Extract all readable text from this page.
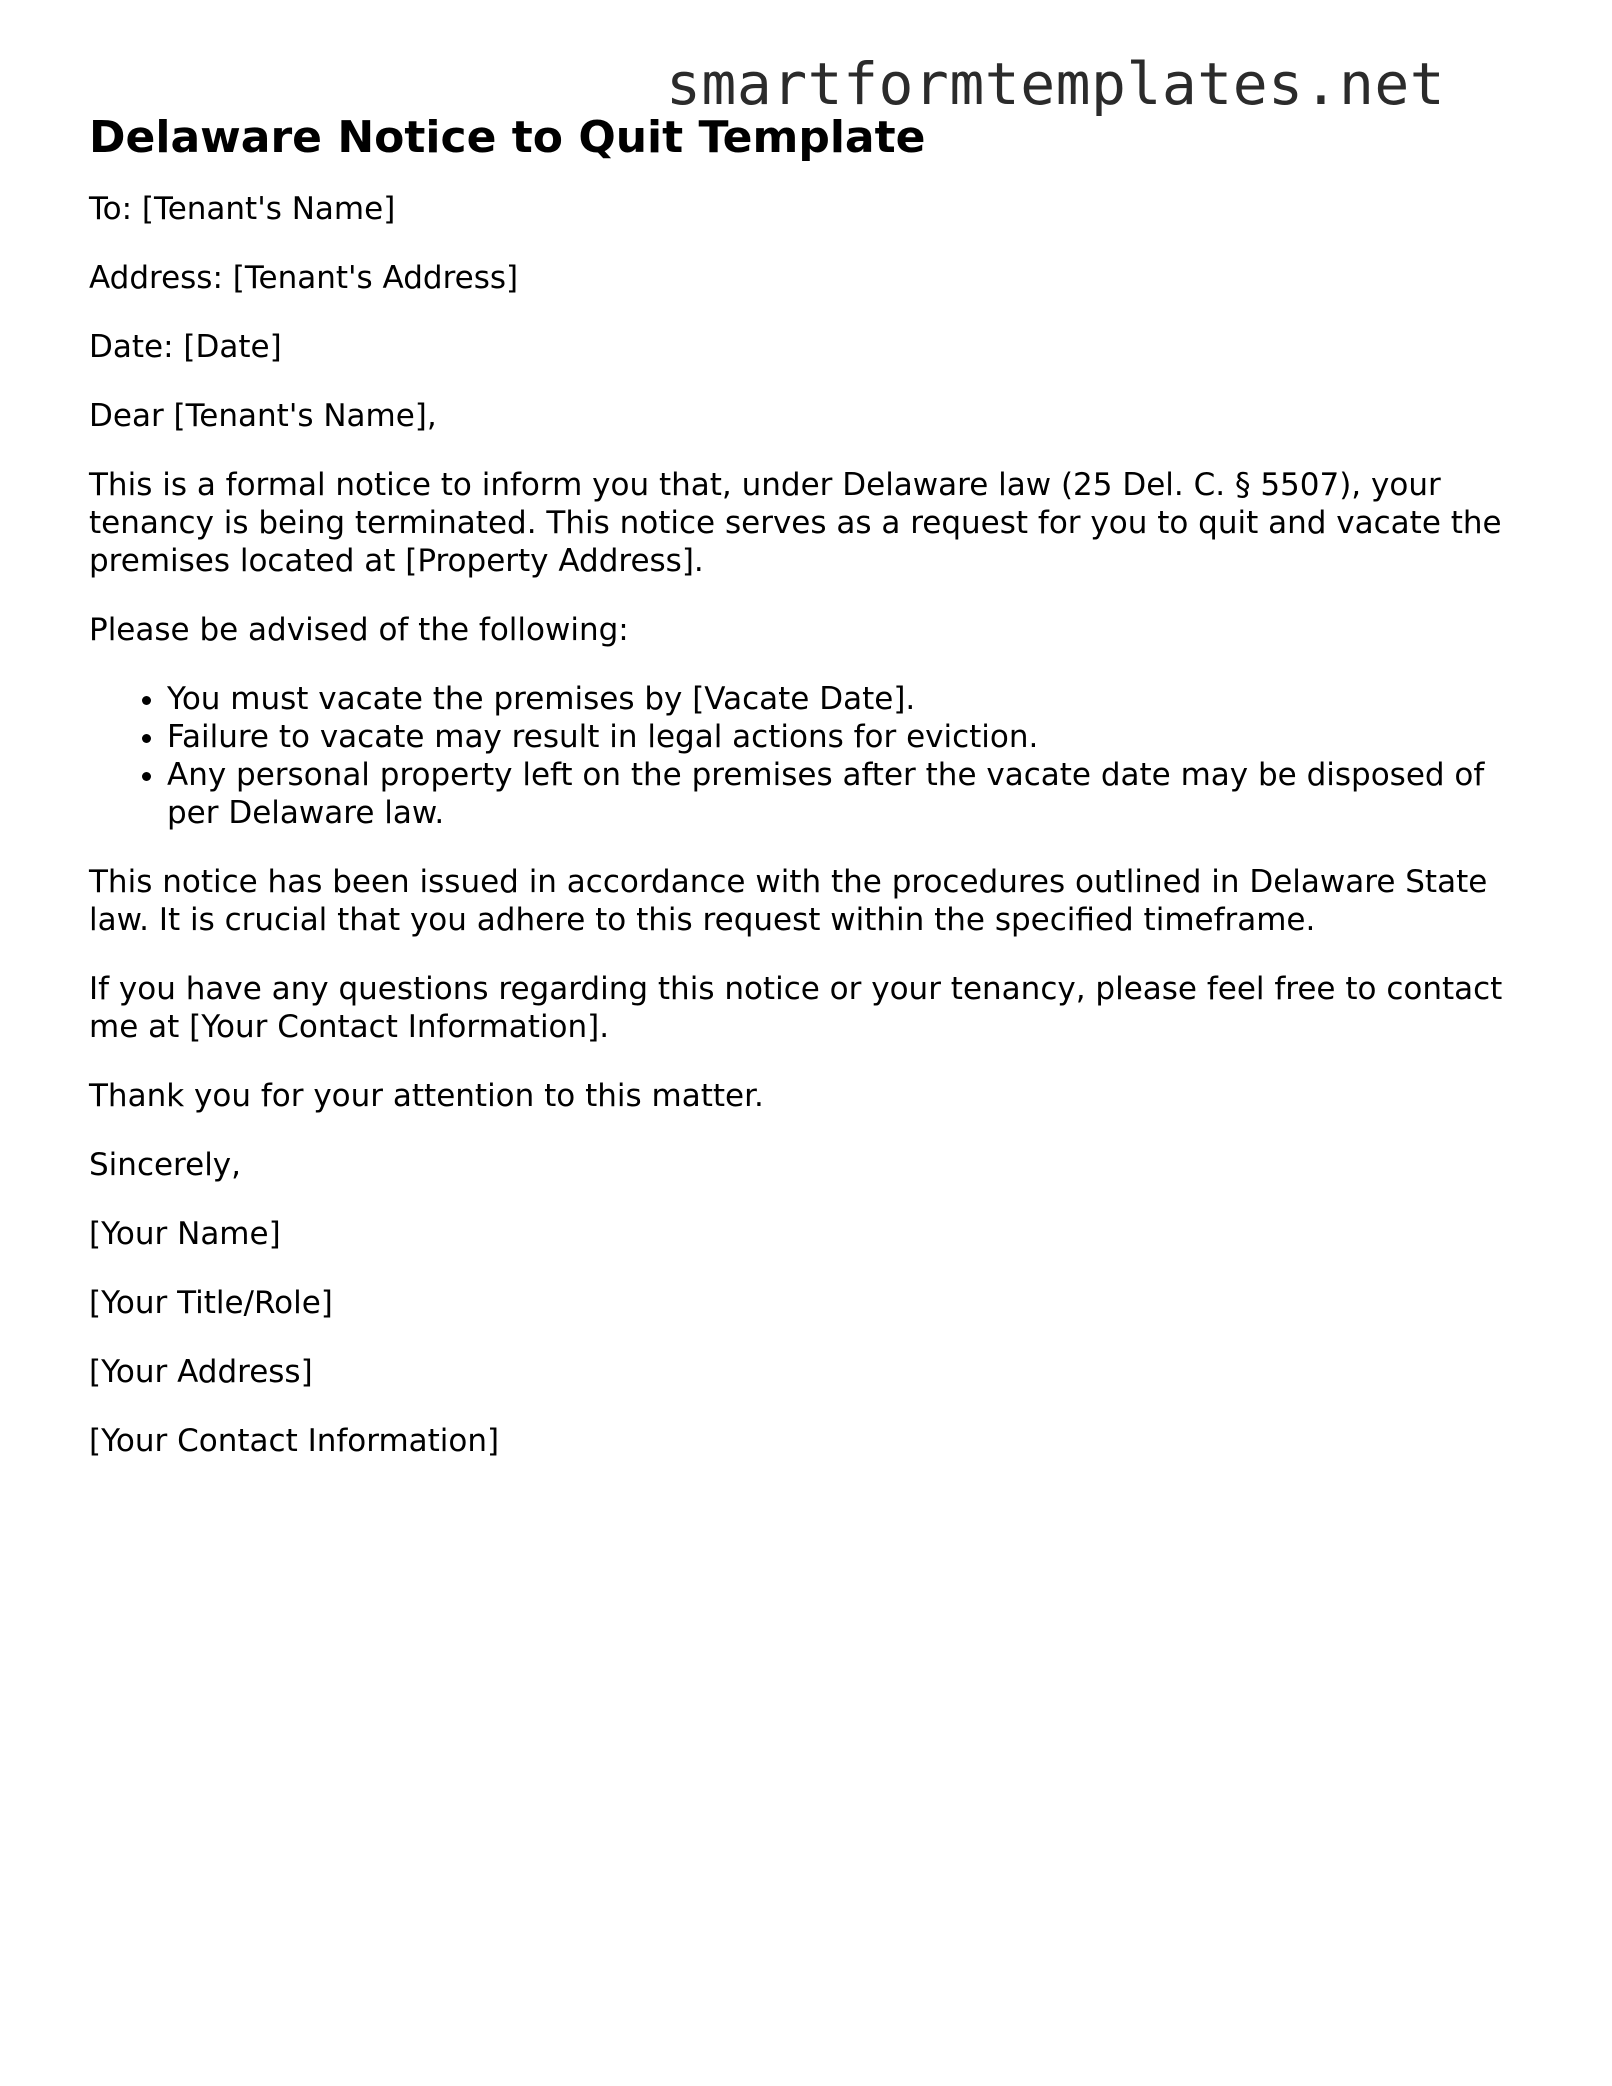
smartformtemplates.net
Delaware Notice to Quit Template

To: [Tenant's Name]

Address: [Tenant's Address]

Date: [Date]

Dear [Tenant's Name],

This is a formal notice to inform you that, under Delaware law (25 Del. C. § 5507), your tenancy is being terminated. This notice serves as a request for you to quit and vacate the premises located at [Property Address].

Please be advised of the following:

• You must vacate the premises by [Vacate Date].
• Failure to vacate may result in legal actions for eviction.
• Any personal property left on the premises after the vacate date may be disposed of per Delaware law.

This notice has been issued in accordance with the procedures outlined in Delaware State law. It is crucial that you adhere to this request within the specified timeframe.

If you have any questions regarding this notice or your tenancy, please feel free to contact me at [Your Contact Information].

Thank you for your attention to this matter.

Sincerely,

[Your Name]

[Your Title/Role]

[Your Address]

[Your Contact Information]
